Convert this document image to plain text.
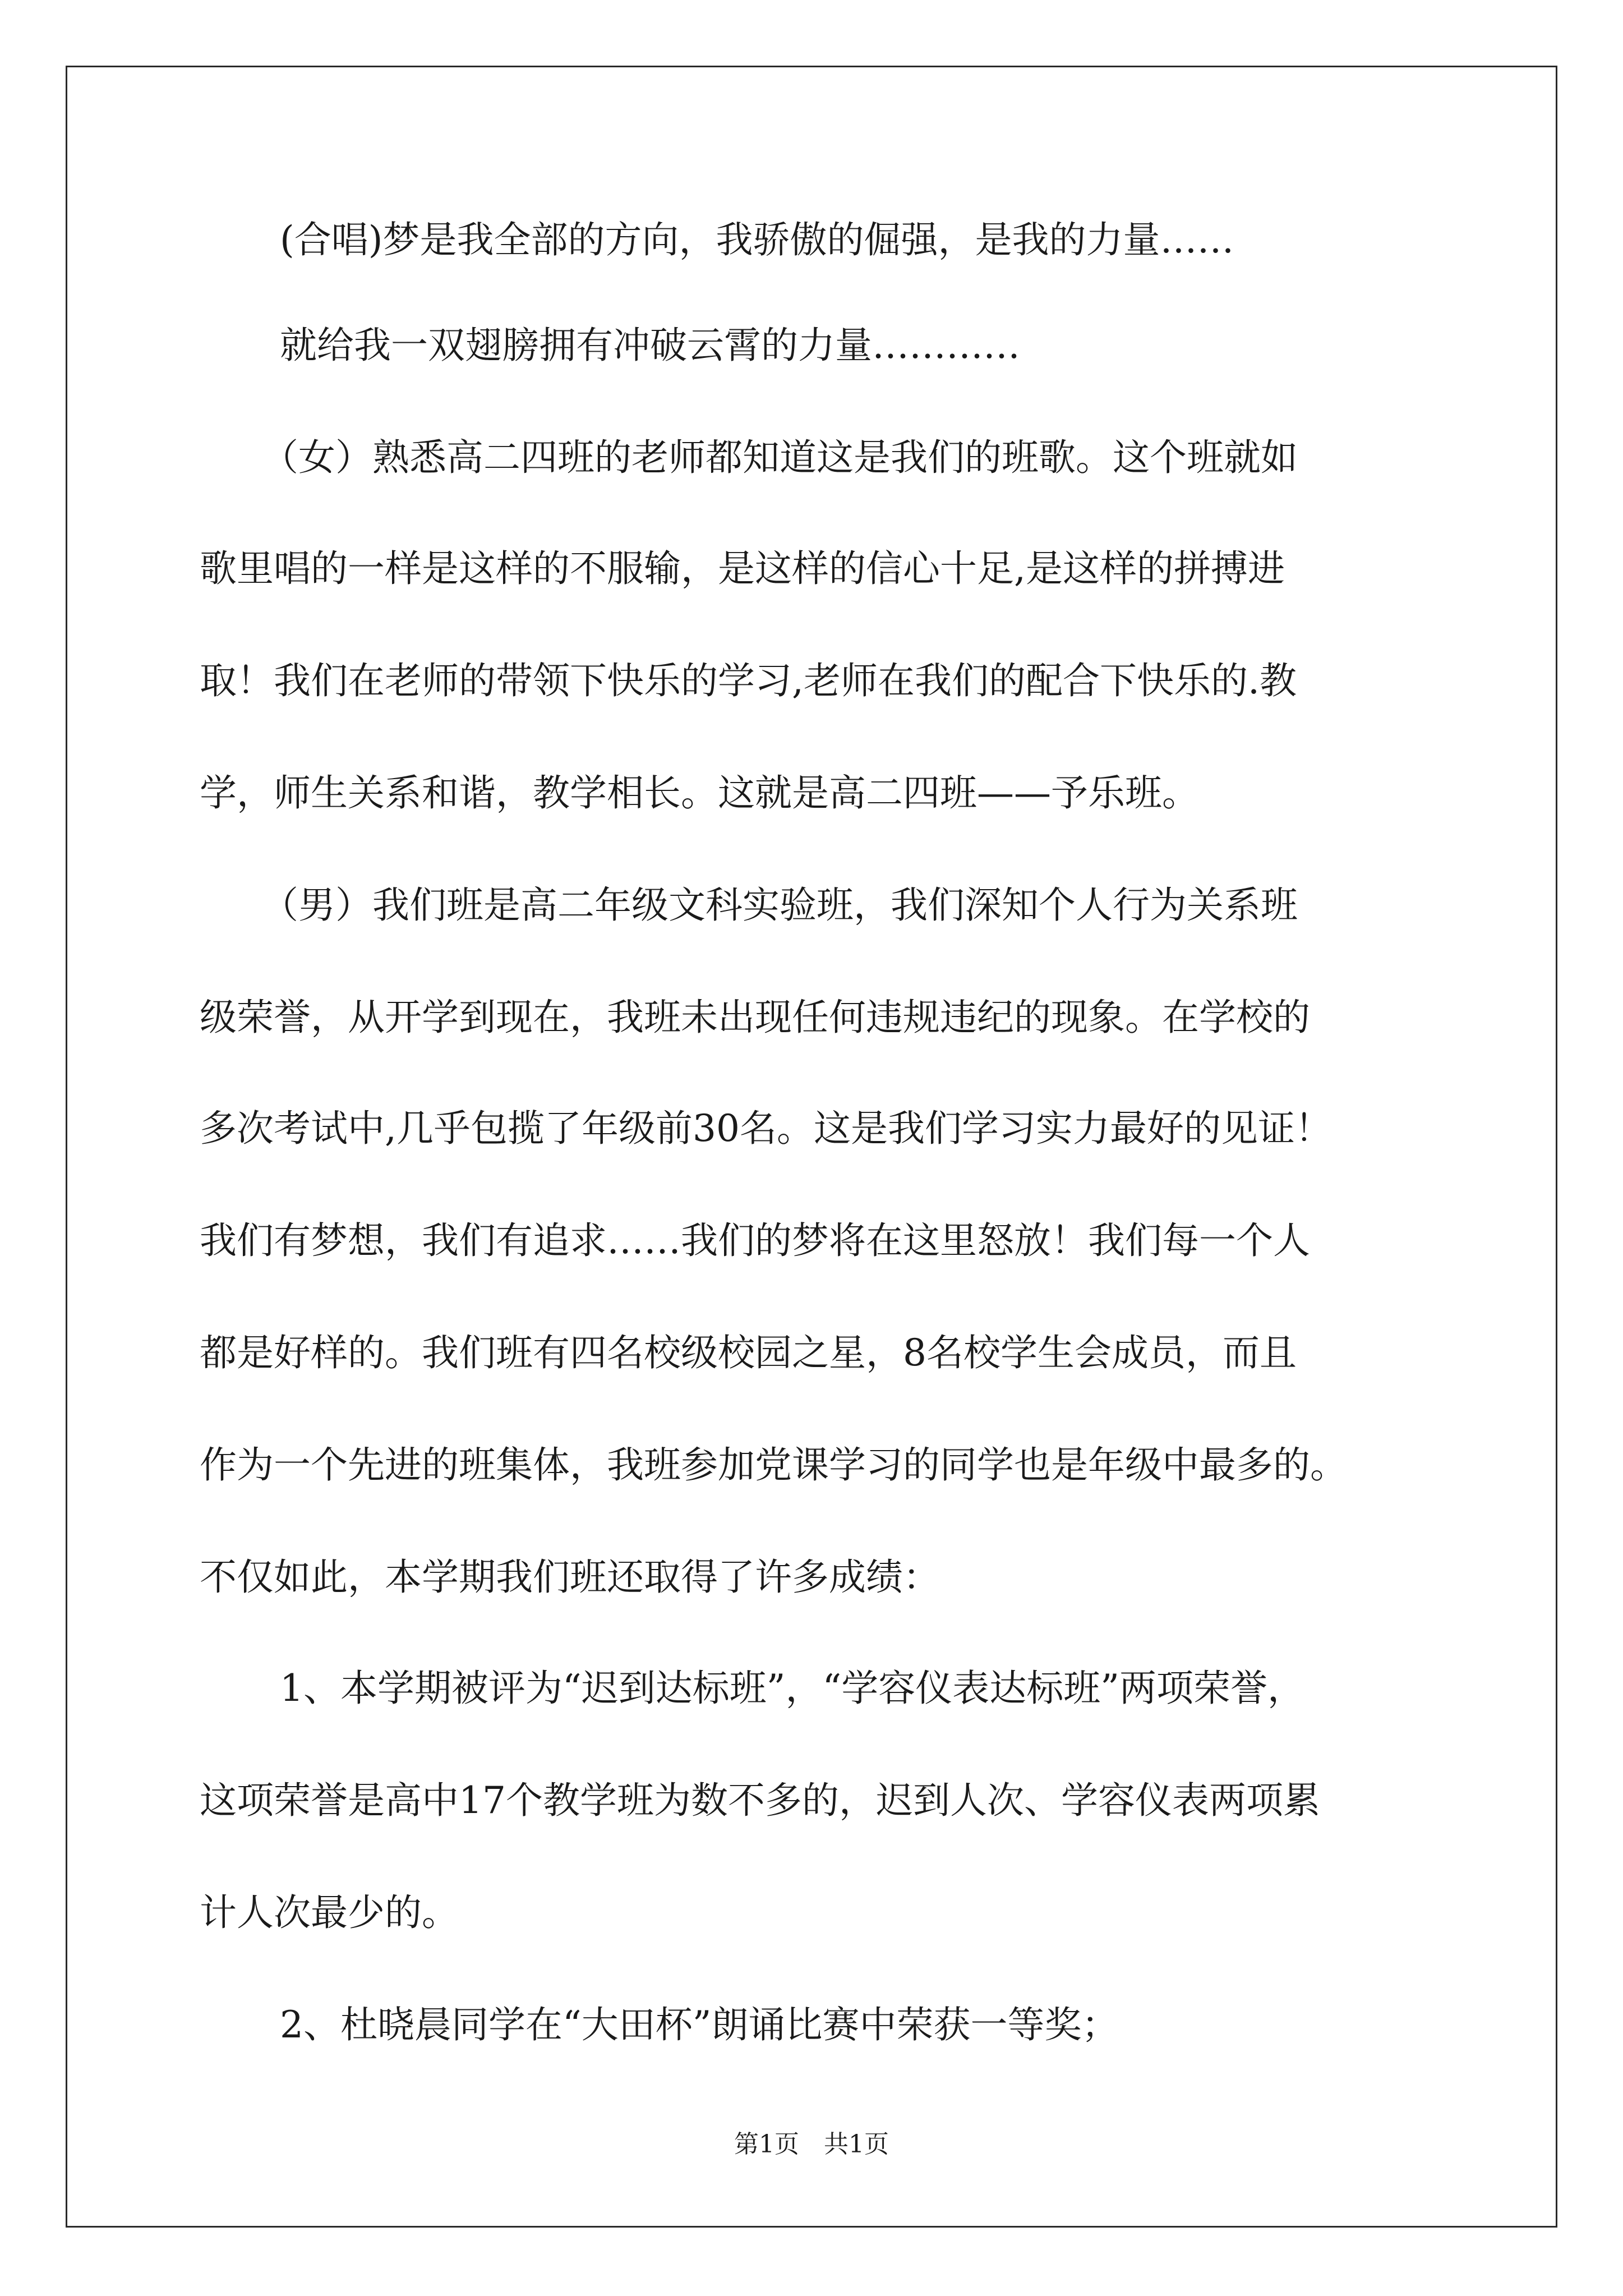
(合唱)梦是我全部的方向，我骄傲的倔强，是我的力量……
就给我一双翅膀拥有冲破云霄的力量…………
（女）熟悉高二四班的老师都知道这是我们的班歌。这个班就如
歌里唱的一样是这样的不服输，是这样的信心十足,是这样的拼搏进
取！我们在老师的带领下快乐的学习,老师在我们的配合下快乐的.教
学，师生关系和谐，教学相长。这就是高二四班——予乐班。
（男）我们班是高二年级文科实验班，我们深知个人行为关系班
级荣誉，从开学到现在，我班未出现任何违规违纪的现象。在学校的
多次考试中,几乎包揽了年级前30名。这是我们学习实力最好的见证！
我们有梦想，我们有追求……我们的梦将在这里怒放！我们每一个人
都是好样的。我们班有四名校级校园之星，8名校学生会成员，而且
作为一个先进的班集体，我班参加党课学习的同学也是年级中最多的。
不仅如此，本学期我们班还取得了许多成绩：
1、本学期被评为“迟到达标班”，“学容仪表达标班”两项荣誉，
这项荣誉是高中17个教学班为数不多的，迟到人次、学容仪表两项累
计人次最少的。
2、杜晓晨同学在“大田杯”朗诵比赛中荣获一等奖；
第1页　共1页
